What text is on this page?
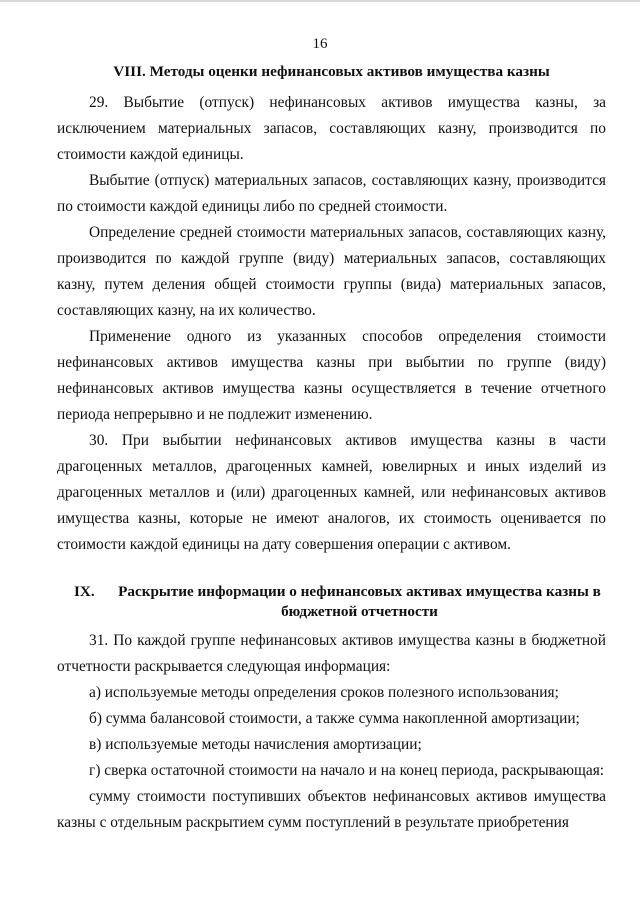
16
VIII. Методы оценки нефинансовых активов имущества казны

29. Выбытие (отпуск) нефинансовых активов имущества казны, за исключением материальных запасов, составляющих казну, производится по стоимости каждой единицы.

Выбытие (отпуск) материальных запасов, составляющих казну, производится по стоимости каждой единицы либо по средней стоимости.

Определение средней стоимости материальных запасов, составляющих казну, производится по каждой группе (виду) материальных запасов, составляющих казну, путем деления общей стоимости группы (вида) материальных запасов, составляющих казну, на их количество.

Применение одного из указанных способов определения стоимости нефинансовых активов имущества казны при выбытии по группе (виду) нефинансовых активов имущества казны осуществляется в течение отчетного периода непрерывно и не подлежит изменению.

30. При выбытии нефинансовых активов имущества казны в части драгоценных металлов, драгоценных камней, ювелирных и иных изделий из драгоценных металлов и (или) драгоценных камней, или нефинансовых активов имущества казны, которые не имеют аналогов, их стоимость оценивается по стоимости каждой единицы на дату совершения операции с активом.

IX.	Раскрытие информации о нефинансовых активах имущества казны в бюджетной отчетности

31. По каждой группе нефинансовых активов имущества казны в бюджетной отчетности раскрывается следующая информация:

а) используемые методы определения сроков полезного использования;

б) сумма балансовой стоимости, а также сумма накопленной амортизации;

в) используемые методы начисления амортизации;

г) сверка остаточной стоимости на начало и на конец периода, раскрывающая:

сумму стоимости поступивших объектов нефинансовых активов имущества казны с отдельным раскрытием сумм поступлений в результате приобретения
